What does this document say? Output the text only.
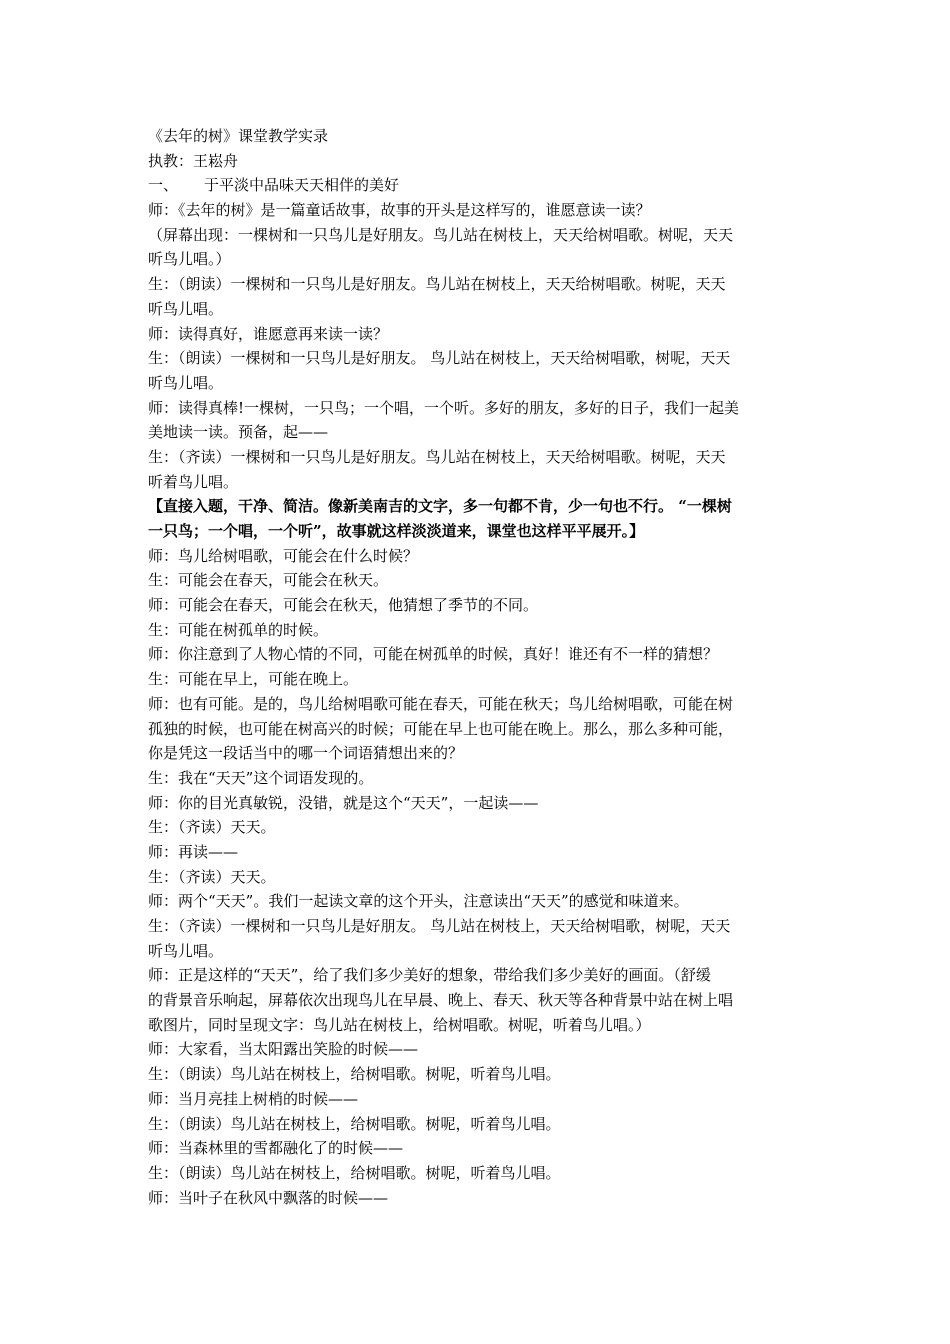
《去年的树》课堂教学实录
执教：王崧舟
一、 于平淡中品味天天相伴的美好
师：《去年的树》是一篇童话故事，故事的开头是这样写的，谁愿意读一读？
（屏幕出现：一棵树和一只鸟儿是好朋友。鸟儿站在树枝上，天天给树唱歌。树呢，天天
听鸟儿唱。）
生：（朗读）一棵树和一只鸟儿是好朋友。鸟儿站在树枝上，天天给树唱歌。树呢，天天
听鸟儿唱。
师：读得真好，谁愿意再来读一读？
生：（朗读）一棵树和一只鸟儿是好朋友。 鸟儿站在树枝上，天天给树唱歌，树呢，天天
听鸟儿唱。
师：读得真棒!一棵树，一只鸟；一个唱，一个听。多好的朋友，多好的日子，我们一起美
美地读一读。预备，起——
生：（齐读）一棵树和一只鸟儿是好朋友。鸟儿站在树枝上，天天给树唱歌。树呢，天天
听着鸟儿唱。
【直接入题，干净、简洁。像新美南吉的文字，多一句都不肯，少一句也不行。 “一棵树
一只鸟；一个唱，一个听”，故事就这样淡淡道来，课堂也这样平平展开。】
师：鸟儿给树唱歌，可能会在什么时候？
生：可能会在春天，可能会在秋天。
师：可能会在春天，可能会在秋天，他猜想了季节的不同。
生：可能在树孤单的时候。
师：你注意到了人物心情的不同，可能在树孤单的时候，真好！谁还有不一样的猜想？
生：可能在早上，可能在晚上。
师：也有可能。是的，鸟儿给树唱歌可能在春天，可能在秋天；鸟儿给树唱歌，可能在树
孤独的时候，也可能在树高兴的时候；可能在早上也可能在晚上。那么，那么多种可能，
你是凭这一段话当中的哪一个词语猜想出来的？
生：我在“天天”这个词语发现的。
师：你的目光真敏锐，没错，就是这个“天天”，一起读——
生：（齐读）天天。
师：再读——
生：（齐读）天天。
师：两个“天天”。我们一起读文章的这个开头，注意读出“天天”的感觉和味道来。
生：（齐读）一棵树和一只鸟儿是好朋友。 鸟儿站在树枝上，天天给树唱歌，树呢，天天
听鸟儿唱。
师：正是这样的“天天”，给了我们多少美好的想象，带给我们多少美好的画面。（舒缓
的背景音乐响起，屏幕依次出现鸟儿在早晨、晚上、春天、秋天等各种背景中站在树上唱
歌图片，同时呈现文字：鸟儿站在树枝上，给树唱歌。树呢，听着鸟儿唱。）
师：大家看，当太阳露出笑脸的时候——
生：（朗读）鸟儿站在树枝上，给树唱歌。树呢，听着鸟儿唱。
师：当月亮挂上树梢的时候——
生：（朗读）鸟儿站在树枝上，给树唱歌。树呢，听着鸟儿唱。
师：当森林里的雪都融化了的时候——
生：（朗读）鸟儿站在树枝上，给树唱歌。树呢，听着鸟儿唱。
师：当叶子在秋风中飘落的时候——
